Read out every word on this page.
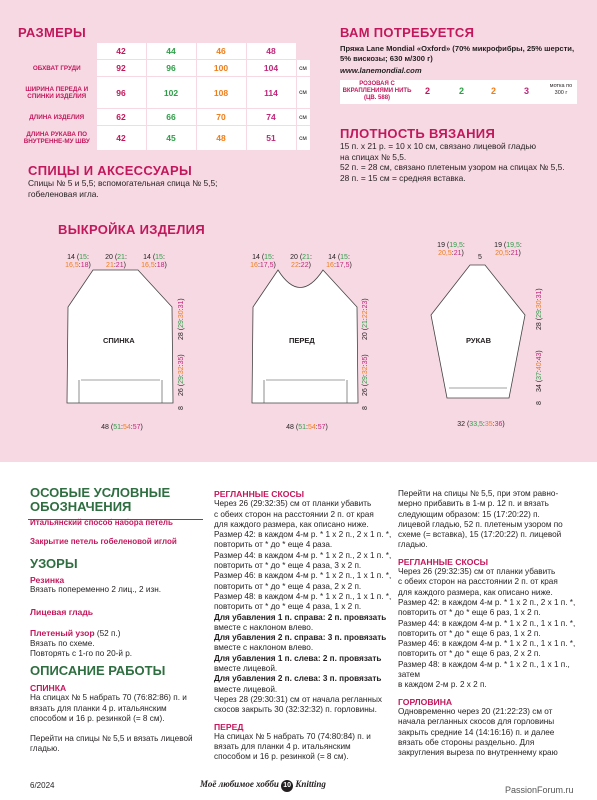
РАЗМЕРЫ
	42	44	46	48	
ОБХВАТ ГРУДИ	92	96	100	104	см
ШИРИНА ПЕРЕДА И СПИНКИ ИЗДЕЛИЯ	96	102	108	114	см
ДЛИНА ИЗДЕЛИЯ	62	66	70	74	см
ДЛИНА РУКАВА ПО ВНУТРЕННЕ-МУ ШВУ	42	45	48	51	см
ВАМ ПОТРЕБУЕТСЯ
Пряжа Lane Mondial «Oxford» (70% микрофибры, 25% шерсти, 5% вискозы; 630 м/300 г)
www.lanemondial.com
РОЗОВАЯ С ВКРАПЛЕНИЯМИ НИТЬ (ЦВ. 588)
2	2	2	3	мотка по 300 г
ПЛОТНОСТЬ ВЯЗАНИЯ
15 п. х 21 р. = 10 х 10 см, связано лицевой гладью
на спицах № 5,5.
52 п. = 28 см, связано плетеным узором на спицах № 5,5.
28 п. = 15 см = средняя вставка.
СПИЦЫ И АКСЕССУАРЫ
Спицы № 5 и 5,5; вспомогательная спица № 5,5;
гобеленовая игла.
ВЫКРОЙКА ИЗДЕЛИЯ
СПИНКА
14 (15:
16,5:18)
20 (21:
21:21)
14 (15:
16,5:18)
48 (51:54:57)
28 (29:30:31)
26 (29:32:35)
8
ПЕРЕД
14 (15:
16:17,5)
20 (21:
22:22)
14 (15:
16:17,5)
48 (51:54:57)
20 (21:22:23)
26 (29:32:35)
8
РУКАВ
19 (19,5:
20,5:21)
5
19 (19,5:
20,5:21)
32 (33,5:35:36)
28 (29:30:31)
34 (37:40:43)
8
ОСОБЫЕ УСЛОВНЫЕ ОБОЗНАЧЕНИЯ
Итальянский способ набора петель
Закрытие петель гобеленовой иглой
УЗОРЫ
Резинка
Вязать попеременно 2 лиц., 2 изн.
Лицевая гладь
Плетеный узор (52 п.)
Вязать по схеме.
Повторять с 1-го по 20-й р.
ОПИСАНИЕ РАБОТЫ
СПИНКА
На спицах № 5 набрать 70 (76:82:86) п. и
вязать для планки 4 р. итальянским
способом и 16 р. резинкой (= 8 см).
Перейти на спицы № 5,5 и вязать лицевой
гладью.
РЕГЛАННЫЕ СКОСЫ
Через 26 (29:32:35) см от планки убавить
с обеих сторон на расстоянии 2 п. от края
для каждого размера, как описано ниже.
Размер 42: в каждом 4-м р. * 1 х 2 п., 2 х 1 п. *,
повторить от * до * еще 4 раза.
Размер 44: в каждом 4-м р. * 1 х 2 п., 2 х 1 п. *,
повторить от * до * еще 4 раза, 3 х 2 п.
Размер 46: в каждом 4-м р. * 1 х 2 п., 1 х 1 п. *,
повторить от * до * еще 4 раза, 2 х 2 п.
Размер 48: в каждом 4-м р. * 1 х 2 п., 1 х 1 п. *,
повторить от * до * еще 4 раза, 1 х 2 п.
Для убавления 1 п. справа: 2 п. провязать
вместе с наклоном влево.
Для убавления 2 п. справа: 3 п. провязать
вместе с наклоном влево.
Для убавления 1 п. слева: 2 п. провязать
вместе лицевой.
Для убавления 2 п. слева: 3 п. провязать
вместе лицевой.
Через 28 (29:30:31) см от начала регланных
скосов закрыть 30 (32:32:32) п. горловины.
ПЕРЕД
На спицах № 5 набрать 70 (74:80:84) п. и
вязать для планки 4 р. итальянским
способом и 16 р. резинкой (= 8 см).
Перейти на спицы № 5,5, при этом равно-
мерно прибавить в 1-м р. 12 п. и вязать
следующим образом: 15 (17:20:22) п.
лицевой гладью, 52 п. плетеным узором по
схеме (= вставка), 15 (17:20:22) п. лицевой
гладью.
РЕГЛАННЫЕ СКОСЫ
Через 26 (29:32:35) см от планки убавить
с обеих сторон на расстоянии 2 п. от края
для каждого размера, как описано ниже.
Размер 42: в каждом 4-м р. * 1 х 2 п., 2 х 1 п. *,
повторить от * до * еще 6 раз, 1 х 2 п.
Размер 44: в каждом 4-м р. * 1 х 2 п., 1 х 1 п. *,
повторить от * до * еще 6 раз, 1 х 2 п.
Размер 46: в каждом 4-м р. * 1 х 2 п., 1 х 1 п. *,
повторить от * до * еще 6 раз, 2 х 2 п.
Размер 48: в каждом 4-м р. * 1 х 2 п., 1 х 1 п., затем
в каждом 2-м р. 2 х 2 п.
ГОРЛОВИНА
Одновременно через 20 (21:22:23) см от
начала регланных скосов для горловины
закрыть средние 14 (14:16:16) п. и далее
вязать обе стороны раздельно. Для
закругления выреза по внутреннему краю
6/2024	Моё любимое хобби 10 Knitting
PassionForum.ru
